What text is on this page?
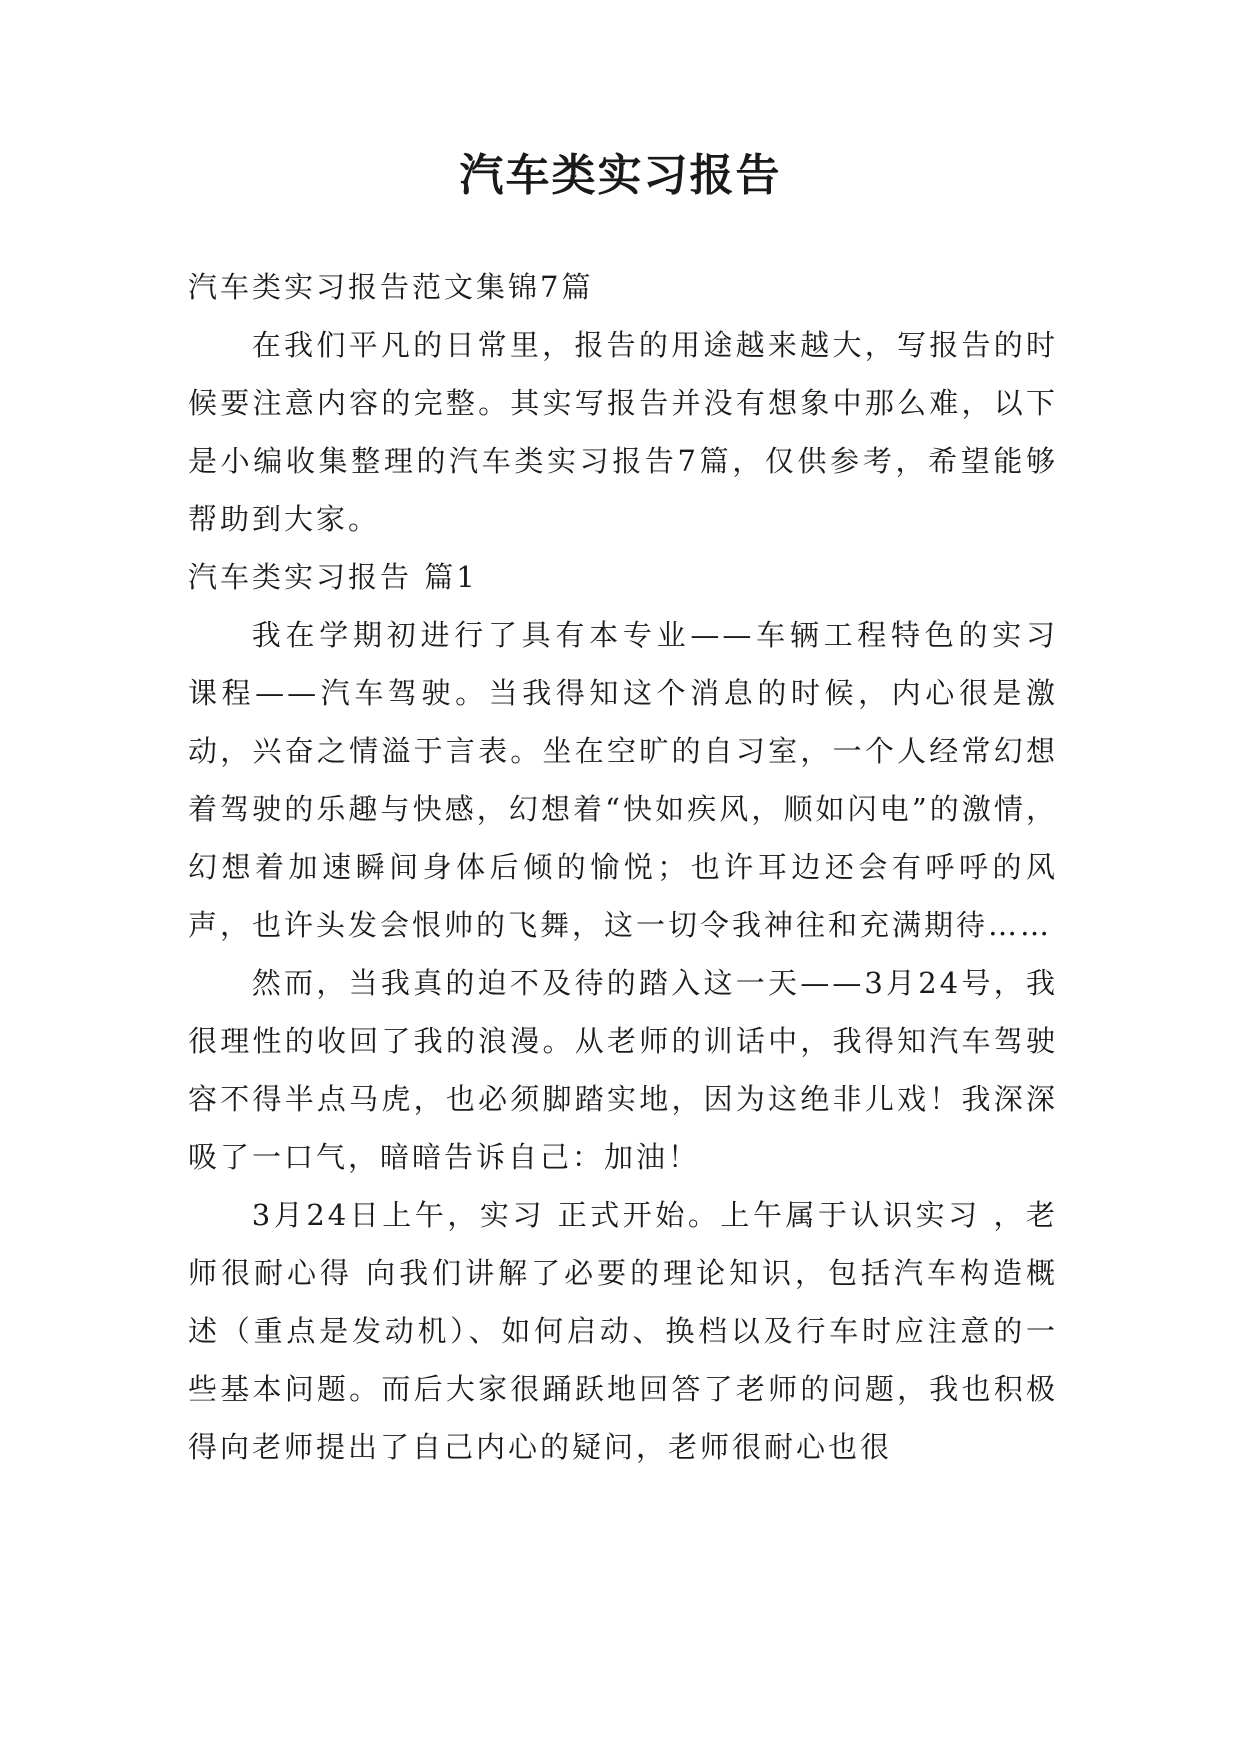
汽车类实习报告

汽车类实习报告范文集锦7篇

在我们平凡的日常里，报告的用途越来越大，写报告的时候要注意内容的完整。其实写报告并没有想象中那么难，以下是小编收集整理的汽车类实习报告7篇，仅供参考，希望能够帮助到大家。

汽车类实习报告 篇1

我在学期初进行了具有本专业——车辆工程特色的实习 课程——汽车驾驶。当我得知这个消息的时候，内心很是激动，兴奋之情溢于言表。坐在空旷的自习室，一个人经常幻想着驾驶的乐趣与快感，幻想着“快如疾风，顺如闪电”的激情，幻想着加速瞬间身体后倾的愉悦；也许耳边还会有呼呼的风声，也许头发会恨帅的飞舞，这一切令我神往和充满期待……

然而，当我真的迫不及待的踏入这一天——3月24号，我很理性的收回了我的浪漫。从老师的训话中，我得知汽车驾驶容不得半点马虎，也必须脚踏实地，因为这绝非儿戏！我深深吸了一口气，暗暗告诉自己：加油！

3月24日上午，实习 正式开始。上午属于认识实习 ，老师很耐心得 向我们讲解了必要的理论知识，包括汽车构造概述（重点是发动机）、如何启动、换档以及行车时应注意的一些基本问题。而后大家很踊跃地回答了老师的问题，我也积极得向老师提出了自己内心的疑问，老师很耐心也很
